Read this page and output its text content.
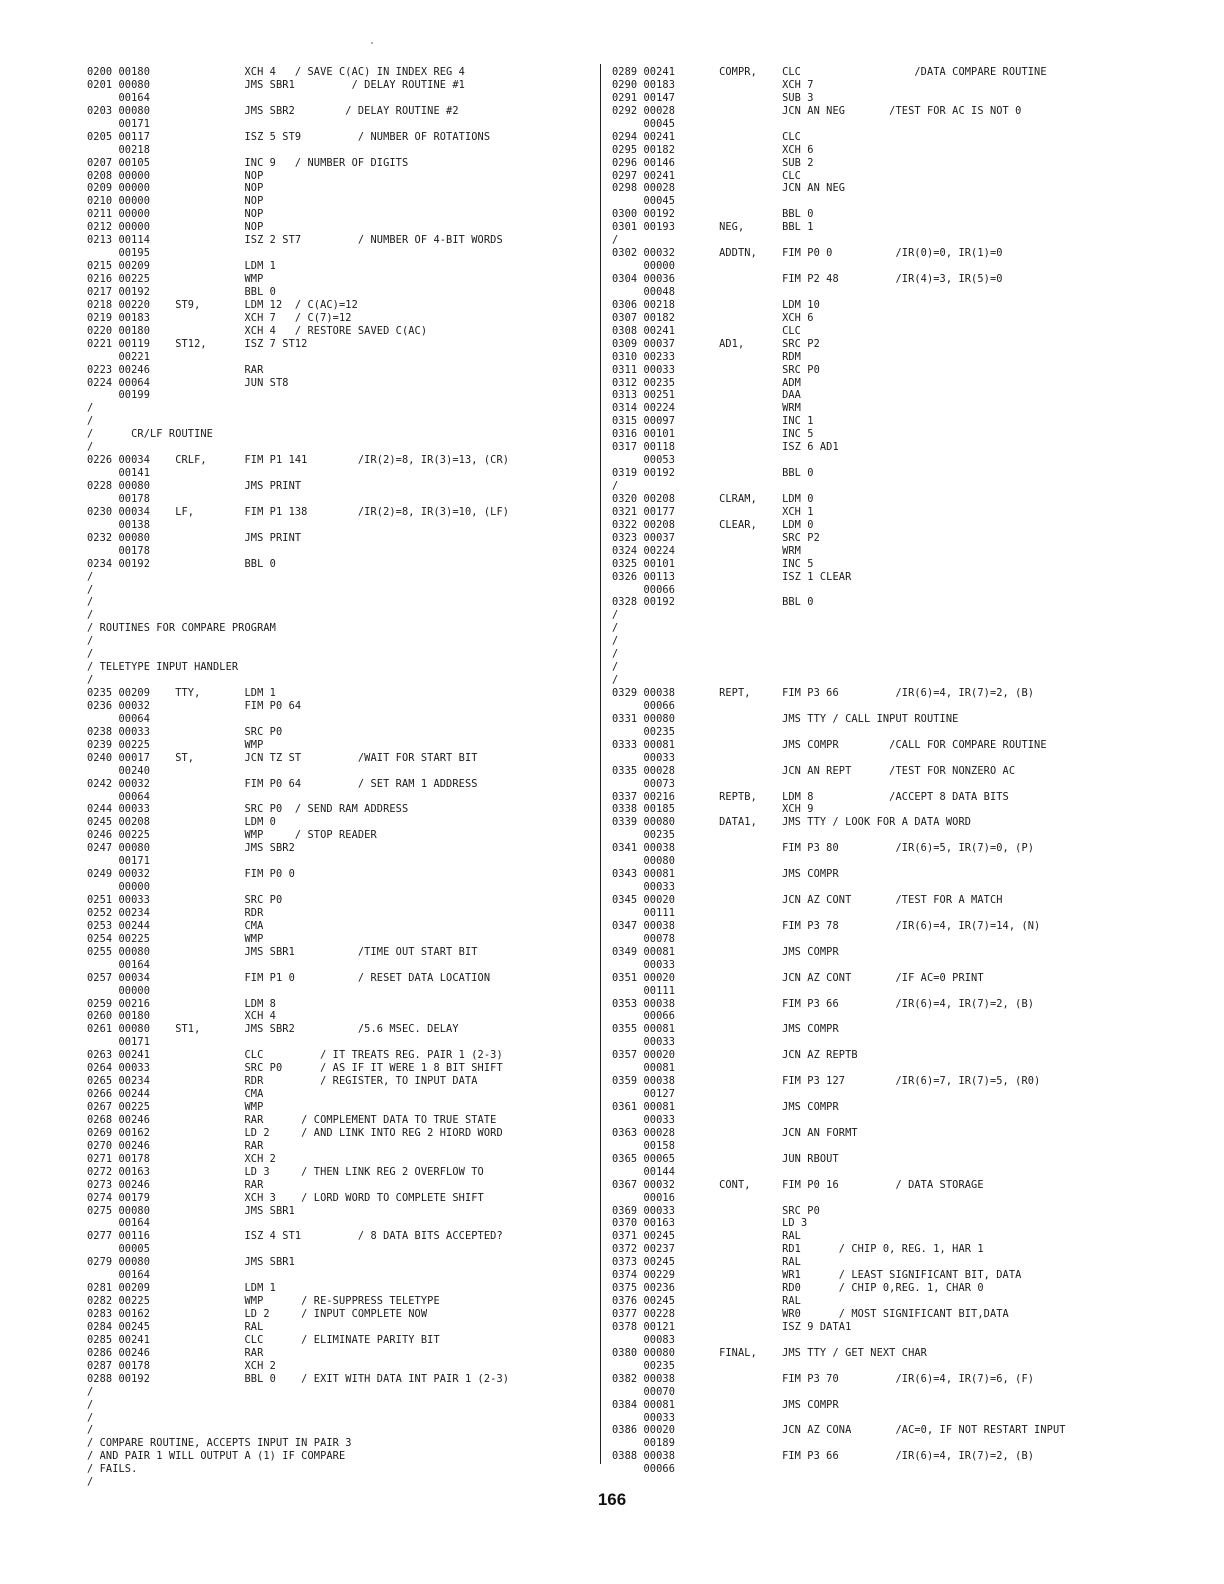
0200 00180               XCH 4   / SAVE C(AC) IN INDEX REG 4
0201 00080               JMS SBR1         / DELAY ROUTINE #1
00164
0203 00080               JMS SBR2        / DELAY ROUTINE #2
00171
0205 00117               ISZ 5 ST9         / NUMBER OF ROTATIONS
00218
0207 00105               INC 9   / NUMBER OF DIGITS
0208 00000               NOP
0209 00000               NOP
0210 00000               NOP
0211 00000               NOP
0212 00000               NOP
0213 00114               ISZ 2 ST7         / NUMBER OF 4-BIT WORDS
00195
0215 00209               LDM 1
0216 00225               WMP
0217 00192               BBL 0
0218 00220    ST9,       LDM 12  / C(AC)=12
0219 00183               XCH 7   / C(7)=12
0220 00180               XCH 4   / RESTORE SAVED C(AC)
0221 00119    ST12,      ISZ 7 ST12
00221
0223 00246               RAR
0224 00064               JUN ST8
00199
/
/
/      CR/LF ROUTINE
/
0226 00034    CRLF,      FIM P1 141        /IR(2)=8, IR(3)=13, (CR)
00141
0228 00080               JMS PRINT
00178
0230 00034    LF,        FIM P1 138        /IR(2)=8, IR(3)=10, (LF)
00138
0232 00080               JMS PRINT
00178
0234 00192               BBL 0
/
/
/
/
/ ROUTINES FOR COMPARE PROGRAM
/
/
/ TELETYPE INPUT HANDLER
/
0235 00209    TTY,       LDM 1
0236 00032               FIM P0 64
00064
0238 00033               SRC P0
0239 00225               WMP
0240 00017    ST,        JCN TZ ST         /WAIT FOR START BIT
00240
0242 00032               FIM P0 64         / SET RAM 1 ADDRESS
00064
0244 00033               SRC P0  / SEND RAM ADDRESS
0245 00208               LDM 0
0246 00225               WMP     / STOP READER
0247 00080               JMS SBR2
00171
0249 00032               FIM P0 0
00000
0251 00033               SRC P0
0252 00234               RDR
0253 00244               CMA
0254 00225               WMP
0255 00080               JMS SBR1          /TIME OUT START BIT
00164
0257 00034               FIM P1 0          / RESET DATA LOCATION
00000
0259 00216               LDM 8
0260 00180               XCH 4
0261 00080    ST1,       JMS SBR2          /5.6 MSEC. DELAY
00171
0263 00241               CLC         / IT TREATS REG. PAIR 1 (2-3)
0264 00033               SRC P0      / AS IF IT WERE 1 8 BIT SHIFT
0265 00234               RDR         / REGISTER, TO INPUT DATA
0266 00244               CMA
0267 00225               WMP
0268 00246               RAR      / COMPLEMENT DATA TO TRUE STATE
0269 00162               LD 2     / AND LINK INTO REG 2 HIORD WORD
0270 00246               RAR
0271 00178               XCH 2
0272 00163               LD 3     / THEN LINK REG 2 OVERFLOW TO
0273 00246               RAR
0274 00179               XCH 3    / LORD WORD TO COMPLETE SHIFT
0275 00080               JMS SBR1
00164
0277 00116               ISZ 4 ST1         / 8 DATA BITS ACCEPTED?
00005
0279 00080               JMS SBR1
00164
0281 00209               LDM 1
0282 00225               WMP      / RE-SUPPRESS TELETYPE
0283 00162               LD 2     / INPUT COMPLETE NOW
0284 00245               RAL
0285 00241               CLC      / ELIMINATE PARITY BIT
0286 00246               RAR
0287 00178               XCH 2
0288 00192               BBL 0    / EXIT WITH DATA INT PAIR 1 (2-3)
/
/
/
/
/ COMPARE ROUTINE, ACCEPTS INPUT IN PAIR 3
/ AND PAIR 1 WILL OUTPUT A (1) IF COMPARE
/ FAILS.
/
0289 00241       COMPR,    CLC                  /DATA COMPARE ROUTINE
0290 00183                 XCH 7
0291 00147                 SUB 3
0292 00028                 JCN AN NEG       /TEST FOR AC IS NOT 0
00045
0294 00241                 CLC
0295 00182                 XCH 6
0296 00146                 SUB 2
0297 00241                 CLC
0298 00028                 JCN AN NEG
00045
0300 00192                 BBL 0
0301 00193       NEG,      BBL 1
/
0302 00032       ADDTN,    FIM P0 0          /IR(0)=0, IR(1)=0
00000
0304 00036                 FIM P2 48         /IR(4)=3, IR(5)=0
00048
0306 00218                 LDM 10
0307 00182                 XCH 6
0308 00241                 CLC
0309 00037       AD1,      SRC P2
0310 00233                 RDM
0311 00033                 SRC P0
0312 00235                 ADM
0313 00251                 DAA
0314 00224                 WRM
0315 00097                 INC 1
0316 00101                 INC 5
0317 00118                 ISZ 6 AD1
00053
0319 00192                 BBL 0
/
0320 00208       CLRAM,    LDM 0
0321 00177                 XCH 1
0322 00208       CLEAR,    LDM 0
0323 00037                 SRC P2
0324 00224                 WRM
0325 00101                 INC 5
0326 00113                 ISZ 1 CLEAR
00066
0328 00192                 BBL 0
/
/
/
/
/
/
0329 00038       REPT,     FIM P3 66         /IR(6)=4, IR(7)=2, (B)
00066
0331 00080                 JMS TTY / CALL INPUT ROUTINE
00235
0333 00081                 JMS COMPR        /CALL FOR COMPARE ROUTINE
00033
0335 00028                 JCN AN REPT      /TEST FOR NONZERO AC
00073
0337 00216       REPTB,    LDM 8            /ACCEPT 8 DATA BITS
0338 00185                 XCH 9
0339 00080       DATA1,    JMS TTY / LOOK FOR A DATA WORD
00235
0341 00038                 FIM P3 80         /IR(6)=5, IR(7)=0, (P)
00080
0343 00081                 JMS COMPR
00033
0345 00020                 JCN AZ CONT       /TEST FOR A MATCH
00111
0347 00038                 FIM P3 78         /IR(6)=4, IR(7)=14, (N)
00078
0349 00081                 JMS COMPR
00033
0351 00020                 JCN AZ CONT       /IF AC=0 PRINT
00111
0353 00038                 FIM P3 66         /IR(6)=4, IR(7)=2, (B)
00066
0355 00081                 JMS COMPR
00033
0357 00020                 JCN AZ REPTB
00081
0359 00038                 FIM P3 127        /IR(6)=7, IR(7)=5, (R0)
00127
0361 00081                 JMS COMPR
00033
0363 00028                 JCN AN FORMT
00158
0365 00065                 JUN RBOUT
00144
0367 00032       CONT,     FIM P0 16         / DATA STORAGE
00016
0369 00033                 SRC P0
0370 00163                 LD 3
0371 00245                 RAL
0372 00237                 RD1      / CHIP 0, REG. 1, HAR 1
0373 00245                 RAL
0374 00229                 WR1      / LEAST SIGNIFICANT BIT, DATA
0375 00236                 RD0      / CHIP 0,REG. 1, CHAR 0
0376 00245                 RAL
0377 00228                 WR0      / MOST SIGNIFICANT BIT,DATA
0378 00121                 ISZ 9 DATA1
00083
0380 00080       FINAL,    JMS TTY / GET NEXT CHAR
00235
0382 00038                 FIM P3 70         /IR(6)=4, IR(7)=6, (F)
00070
0384 00081                 JMS COMPR
00033
0386 00020                 JCN AZ CONA       /AC=0, IF NOT RESTART INPUT
00189
0388 00038                 FIM P3 66         /IR(6)=4, IR(7)=2, (B)
00066
166
